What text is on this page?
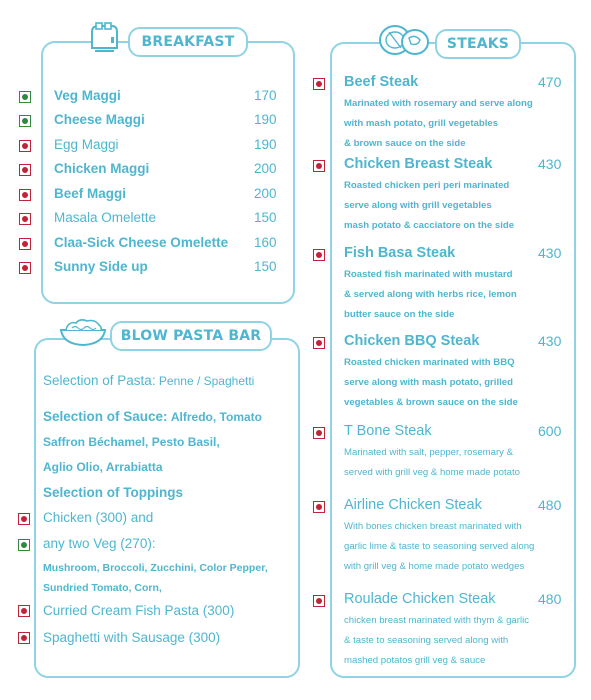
BREAKFAST
Veg Maggi	170
Cheese Maggi	190
Egg Maggi	190
Chicken Maggi	200
Beef Maggi	200
Masala Omelette	150
Claa-Sick Cheese Omelette 160
Sunny Side up	150
BLOW PASTA BAR
Selection of Pasta: Penne / Spaghetti
Selection of Sauce: Alfredo, Tomato
Saffron Béchamel, Pesto Basil,
Aglio Olio, Arrabiatta
Selection of Toppings
Chicken (300) and
any two Veg (270):
Mushroom, Broccoli, Zucchini, Color Pepper,
Sundried Tomato, Corn,
Curried Cream Fish Pasta (300)
Spaghetti with Sausage (300)
STEAKS
Beef Steak	470
Marinated with rosemary and serve along
with mash potato, grill vegetables
& brown sauce on the side
Chicken Breast Steak	430
Roasted chicken peri peri marinated
serve along with grill vegetables
mash potato & cacciatore on the side
Fish Basa Steak	430
Roasted fish marinated with mustard
& served along with herbs rice, lemon
butter sauce on the side
Chicken BBQ Steak	430
Roasted chicken marinated with BBQ
serve along with mash potato, grilled
vegetables & brown sauce on the side
T Bone Steak	600
Marinated with salt, pepper, rosemary &
served with grill veg & home made potato
Airline Chicken Steak	480
With bones chicken breast marinated with
garlic lime & taste to seasoning served along
with grill veg & home made potato wedges
Roulade Chicken Steak	480
chicken breast marinated with thym & garlic
& taste to seasoning served along with
mashed potatos grill veg & sauce
